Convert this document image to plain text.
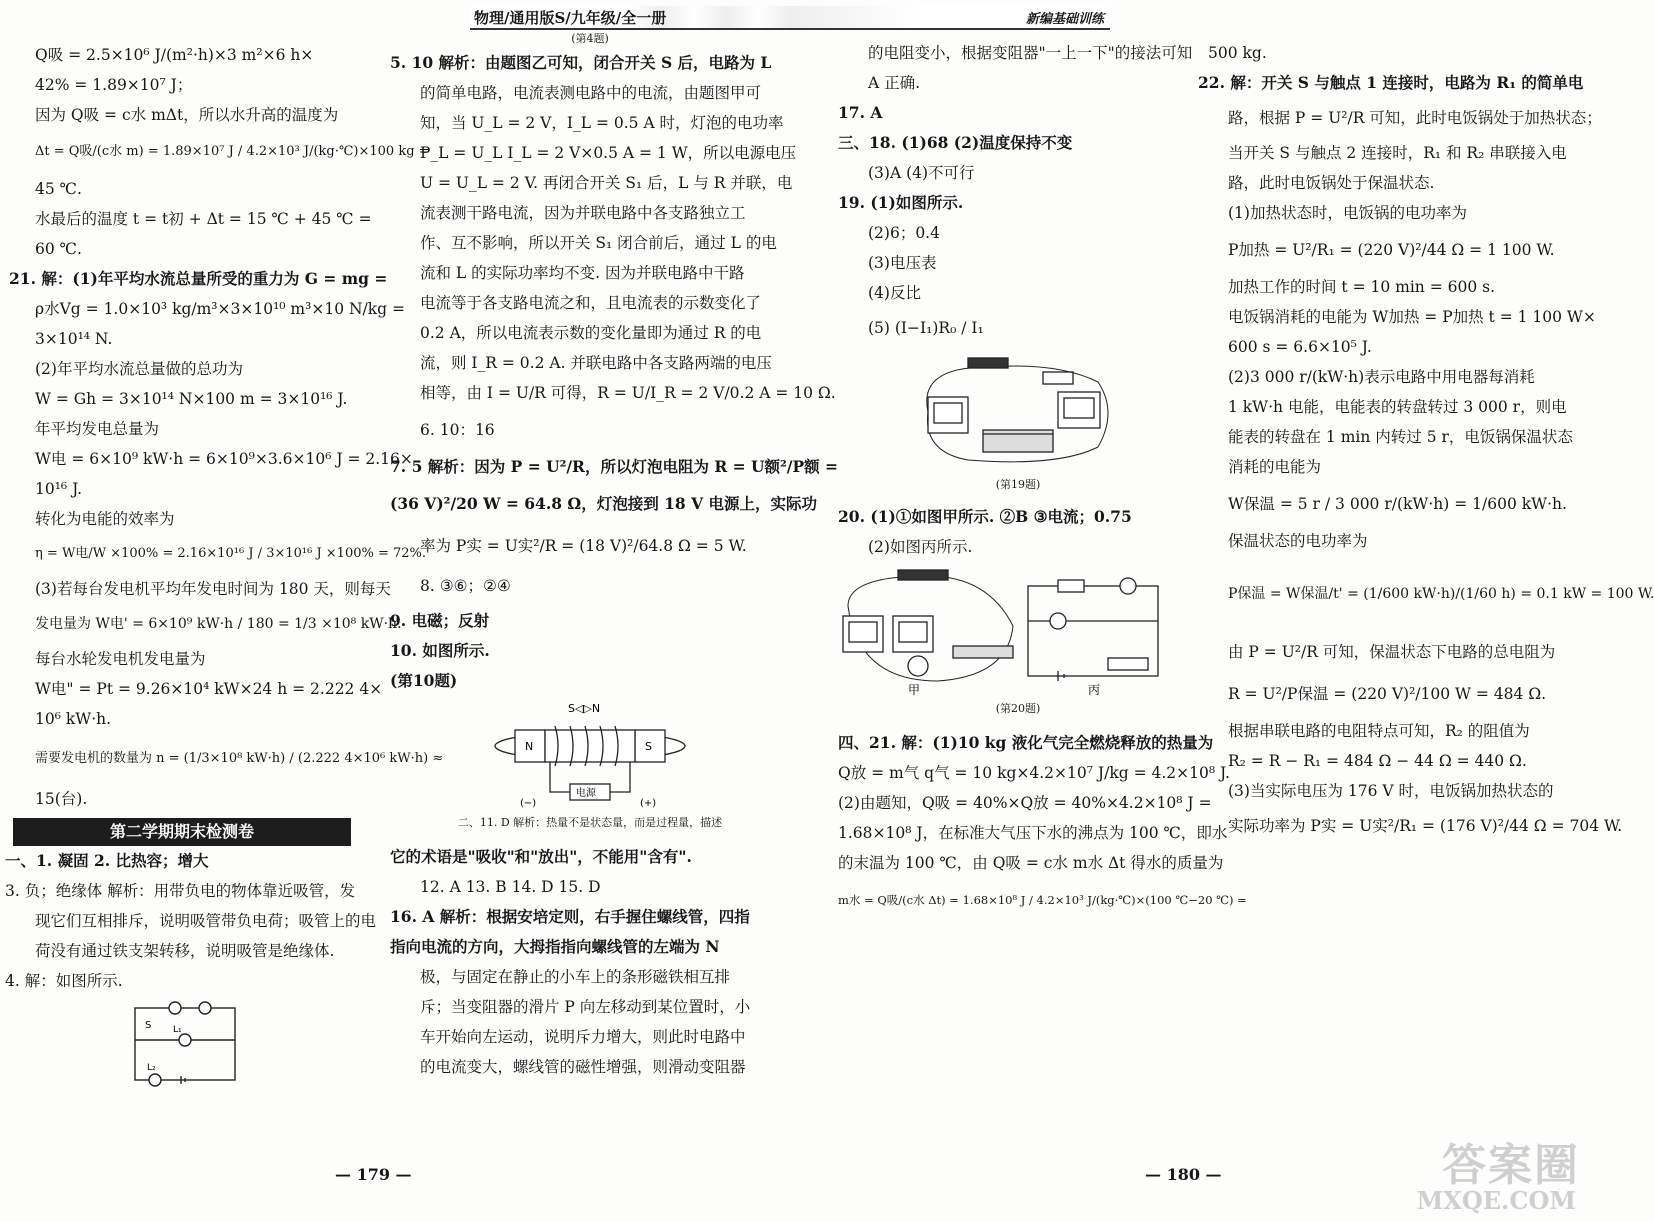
物理/通用版S/九年级/全一册	新编基础训练
Q吸 = 2.5×10⁶ J/(m²·h)×3 m²×6 h×
42% = 1.89×10⁷ J；
因为 Q吸 = c水 mΔt，所以水升高的温度为
Δt = Q吸/(c水 m) = 1.89×10⁷ J / 4.2×10³ J/(kg·℃)×100 kg =
45 ℃.
水最后的温度 t = t初 + Δt = 15 ℃ + 45 ℃ =
60 ℃.
21. 解：(1)年平均水流总量所受的重力为 G = mg =
ρ水Vg = 1.0×10³ kg/m³×3×10¹⁰ m³×10 N/kg =
3×10¹⁴ N.
(2)年平均水流总量做的总功为
W = Gh = 3×10¹⁴ N×100 m = 3×10¹⁶ J.
年平均发电总量为
W电 = 6×10⁹ kW·h = 6×10⁹×3.6×10⁶ J = 2.16×
10¹⁶ J.
转化为电能的效率为
η = W电/W ×100% = 2.16×10¹⁶ J / 3×10¹⁶ J ×100% = 72%.
(3)若每台发电机平均年发电时间为 180 天，则每天
发电量为 W电' = 6×10⁹ kW·h / 180 = 1/3 ×10⁸ kW·h.
每台水轮发电机发电量为
W电" = Pt = 9.26×10⁴ kW×24 h = 2.222 4×
10⁶ kW·h.
需要发电机的数量为 n = (1/3×10⁸ kW·h) / (2.222 4×10⁶ kW·h) ≈
15(台).
第二学期期末检测卷
一、1. 凝固 2. 比热容；增大
3. 负；绝缘体 解析：用带负电的物体靠近吸管，发
现它们互相排斥，说明吸管带负电荷；吸管上的电
荷没有通过铁支架转移，说明吸管是绝缘体.
4. 解：如图所示.
S L₁
L₂
(第4题)
5. 10 解析：由题图乙可知，闭合开关 S 后，电路为 L
的简单电路，电流表测电路中的电流，由题图甲可
知，当 U_L = 2 V，I_L = 0.5 A 时，灯泡的电功率
P_L = U_L I_L = 2 V×0.5 A = 1 W，所以电源电压
U = U_L = 2 V. 再闭合开关 S₁ 后，L 与 R 并联，电
流表测干路电流，因为并联电路中各支路独立工
作、互不影响，所以开关 S₁ 闭合前后，通过 L 的电
流和 L 的实际功率均不变. 因为并联电路中干路
电流等于各支路电流之和，且电流表的示数变化了
0.2 A，所以电流表示数的变化量即为通过 R 的电
流，则 I_R = 0.2 A. 并联电路中各支路两端的电压
相等，由 I = U/R 可得，R = U/I_R = 2 V/0.2 A = 10 Ω.
6. 10：16
7. 5 解析：因为 P = U²/R，所以灯泡电阻为 R = U额²/P额 =
(36 V)²/20 W = 64.8 Ω，灯泡接到 18 V 电源上，实际功
率为 P实 = U实²/R = (18 V)²/64.8 Ω = 5 W.
8. ③⑥；②④
9. 电磁；反射
10. 如图所示.
(第10题)
S◁▷N
N	S
电源
(−)	(+)
二、11. D 解析：热量不是状态量，而是过程量，描述
它的术语是"吸收"和"放出"，不能用"含有".
12. A 13. B 14. D 15. D
16. A 解析：根据安培定则，右手握住螺线管，四指
指向电流的方向，大拇指指向螺线管的左端为 N
极，与固定在静止的小车上的条形磁铁相互排
斥；当变阻器的滑片 P 向左移动到某位置时，小
车开始向左运动，说明斥力增大，则此时电路中
的电流变大，螺线管的磁性增强，则滑动变阻器
的电阻变小，根据变阻器"一上一下"的接法可知
A 正确.
17. A
三、18. (1)68 (2)温度保持不变
(3)A (4)不可行
19. (1)如图所示.
(2)6；0.4
(3)电压表
(4)反比
(5) (I−I₁)R₀ / I₁
(第19题)
20. (1)①如图甲所示. ②B ③电流；0.75
(2)如图丙所示.
甲	丙
(第20题)
四、21. 解：(1)10 kg 液化气完全燃烧释放的热量为
Q放 = m气 q气 = 10 kg×4.2×10⁷ J/kg = 4.2×10⁸ J.
(2)由题知，Q吸 = 40%×Q放 = 40%×4.2×10⁸ J =
1.68×10⁸ J，在标准大气压下水的沸点为 100 ℃，即水
的末温为 100 ℃，由 Q吸 = c水 m水 Δt 得水的质量为
m水 = Q吸/(c水 Δt) = 1.68×10⁸ J / 4.2×10³ J/(kg·℃)×(100 ℃−20 ℃) =
500 kg.
22. 解：开关 S 与触点 1 连接时，电路为 R₁ 的简单电
路，根据 P = U²/R 可知，此时电饭锅处于加热状态；
当开关 S 与触点 2 连接时，R₁ 和 R₂ 串联接入电
路，此时电饭锅处于保温状态.
(1)加热状态时，电饭锅的电功率为
P加热 = U²/R₁ = (220 V)²/44 Ω = 1 100 W.
加热工作的时间 t = 10 min = 600 s.
电饭锅消耗的电能为 W加热 = P加热 t = 1 100 W×
600 s = 6.6×10⁵ J.
(2)3 000 r/(kW·h)表示电路中用电器每消耗
1 kW·h 电能，电能表的转盘转过 3 000 r，则电
能表的转盘在 1 min 内转过 5 r，电饭锅保温状态
消耗的电能为
W保温 = 5 r / 3 000 r/(kW·h) = 1/600 kW·h.
保温状态的电功率为
P保温 = W保温/t' = (1/600 kW·h)/(1/60 h) = 0.1 kW = 100 W.
由 P = U²/R 可知，保温状态下电路的总电阻为
R = U²/P保温 = (220 V)²/100 W = 484 Ω.
根据串联电路的电阻特点可知，R₂ 的阻值为
R₂ = R − R₁ = 484 Ω − 44 Ω = 440 Ω.
(3)当实际电压为 176 V 时，电饭锅加热状态的
实际功率为 P实 = U实²/R₁ = (176 V)²/44 Ω = 704 W.
— 179 —	— 180 —	答案圈
MXQE.COM
